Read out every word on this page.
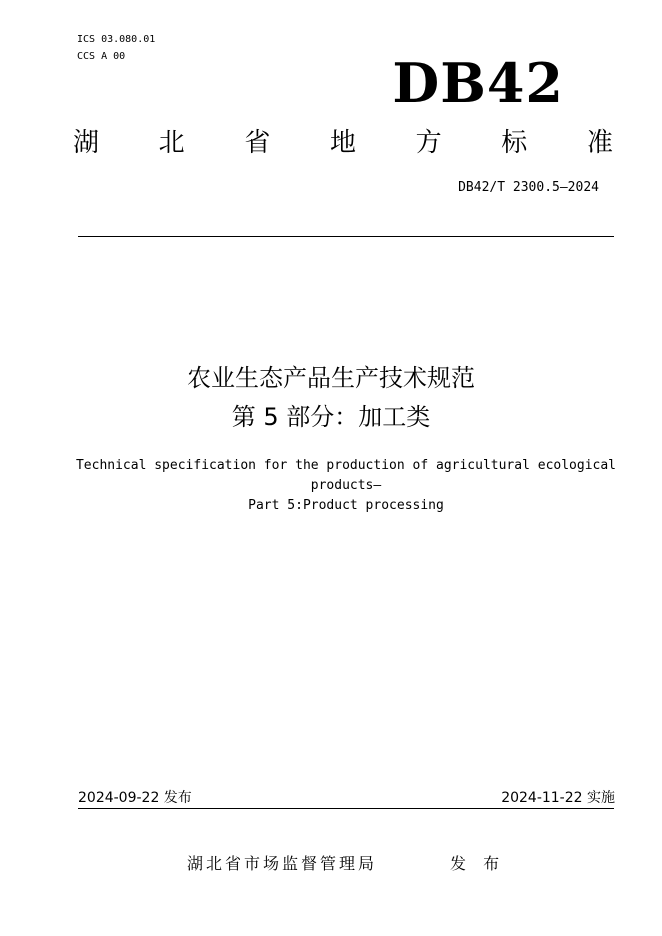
ICS 03.080.01
CCS A 00	DB42
湖 北 省 地 方 标 准
DB42/T 2300.5—2024
农业生态产品生产技术规范
第 5 部分：加工类
Technical specification for the production of agricultural ecological
products—
Part 5:Product processing
2024-09-22 发布	2024-11-22 实施
湖北省市场监督管理局	发 布
